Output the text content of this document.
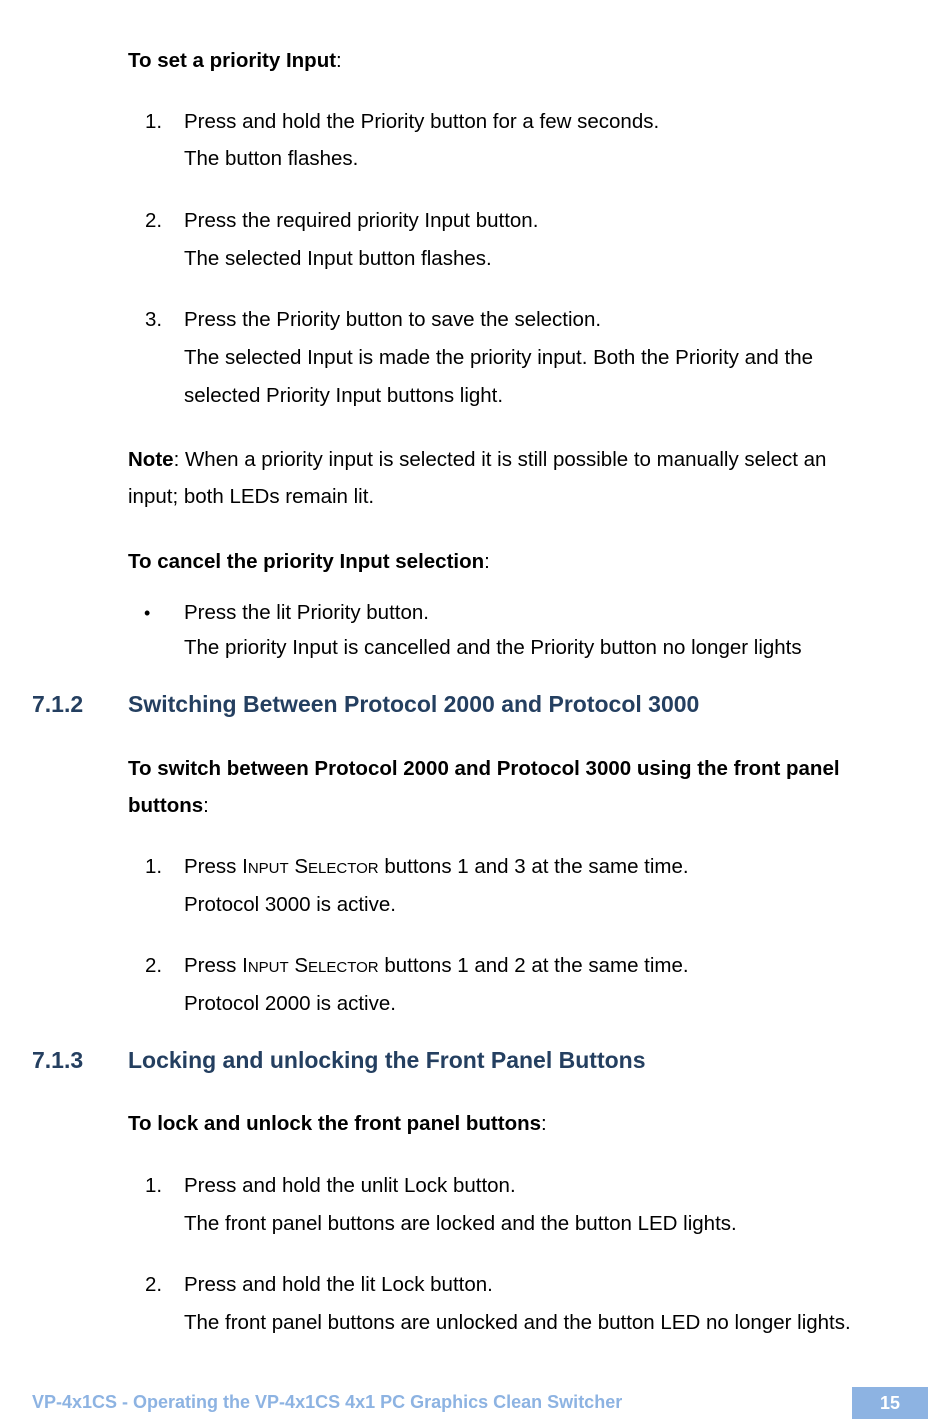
To set a priority Input:
1. Press and hold the Priority button for a few seconds.
The button flashes.
2. Press the required priority Input button.
The selected Input button flashes.
3. Press the Priority button to save the selection.
The selected Input is made the priority input. Both the Priority and the
selected Priority Input buttons light.
Note: When a priority input is selected it is still possible to manually select an
input; both LEDs remain lit.
To cancel the priority Input selection:
• Press the lit Priority button.
The priority Input is cancelled and the Priority button no longer lights
7.1.2 Switching Between Protocol 2000 and Protocol 3000
To switch between Protocol 2000 and Protocol 3000 using the front panel
buttons:
1. Press INPUT SELECTOR buttons 1 and 3 at the same time.
Protocol 3000 is active.
2. Press INPUT SELECTOR buttons 1 and 2 at the same time.
Protocol 2000 is active.
7.1.3 Locking and unlocking the Front Panel Buttons
To lock and unlock the front panel buttons:
1. Press and hold the unlit Lock button.
The front panel buttons are locked and the button LED lights.
2. Press and hold the lit Lock button.
The front panel buttons are unlocked and the button LED no longer lights.
VP-4x1CS - Operating the VP-4x1CS 4x1 PC Graphics Clean Switcher	15
